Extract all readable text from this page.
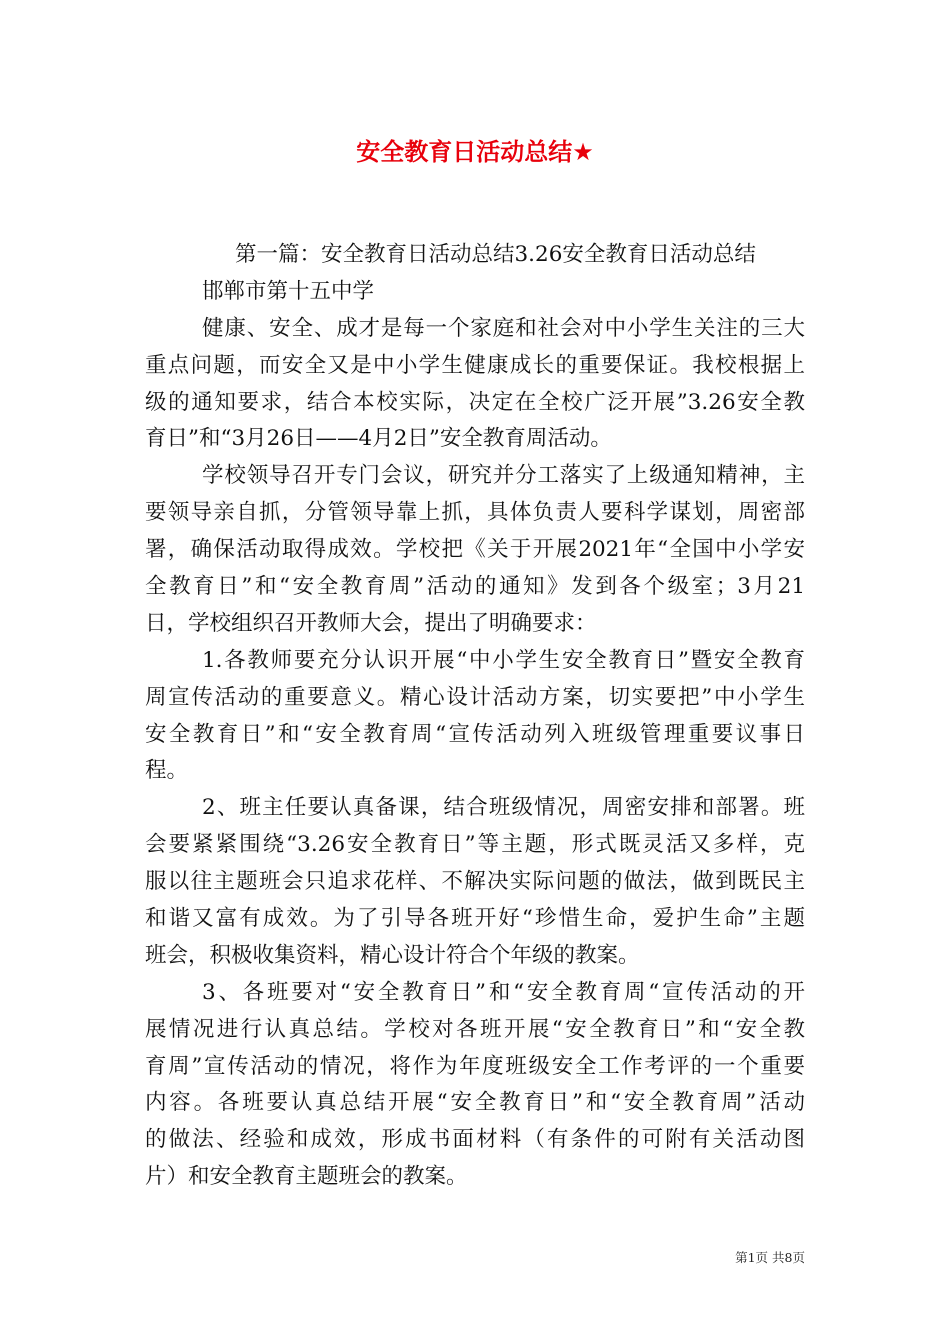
安全教育日活动总结★
第一篇：安全教育日活动总结3.26安全教育日活动总结
邯郸市第十五中学
健康、安全、成才是每一个家庭和社会对中小学生关注的三大
重点问题，而安全又是中小学生健康成长的重要保证。我校根据上
级的通知要求，结合本校实际，决定在全校广泛开展”3.26安全教
育日”和“3月26日——4月2日”安全教育周活动。
学校领导召开专门会议，研究并分工落实了上级通知精神，主
要领导亲自抓，分管领导靠上抓，具体负责人要科学谋划，周密部
署，确保活动取得成效。学校把《关于开展2021年“全国中小学安
全教育日”和“安全教育周”活动的通知》发到各个级室；3月21
日，学校组织召开教师大会，提出了明确要求：
1.各教师要充分认识开展“中小学生安全教育日”暨安全教育
周宣传活动的重要意义。精心设计活动方案，切实要把”中小学生
安全教育日”和“安全教育周“宣传活动列入班级管理重要议事日
程。
2、班主任要认真备课，结合班级情况，周密安排和部署。班
会要紧紧围绕“3.26安全教育日”等主题，形式既灵活又多样，克
服以往主题班会只追求花样、不解决实际问题的做法，做到既民主
和谐又富有成效。为了引导各班开好“珍惜生命，爱护生命”主题
班会，积极收集资料，精心设计符合个年级的教案。
3、各班要对“安全教育日”和“安全教育周“宣传活动的开
展情况进行认真总结。学校对各班开展“安全教育日”和“安全教
育周”宣传活动的情况，将作为年度班级安全工作考评的一个重要
内容。各班要认真总结开展“安全教育日”和“安全教育周”活动
的做法、经验和成效，形成书面材料（有条件的可附有关活动图
片）和安全教育主题班会的教案。
第1页 共8页
